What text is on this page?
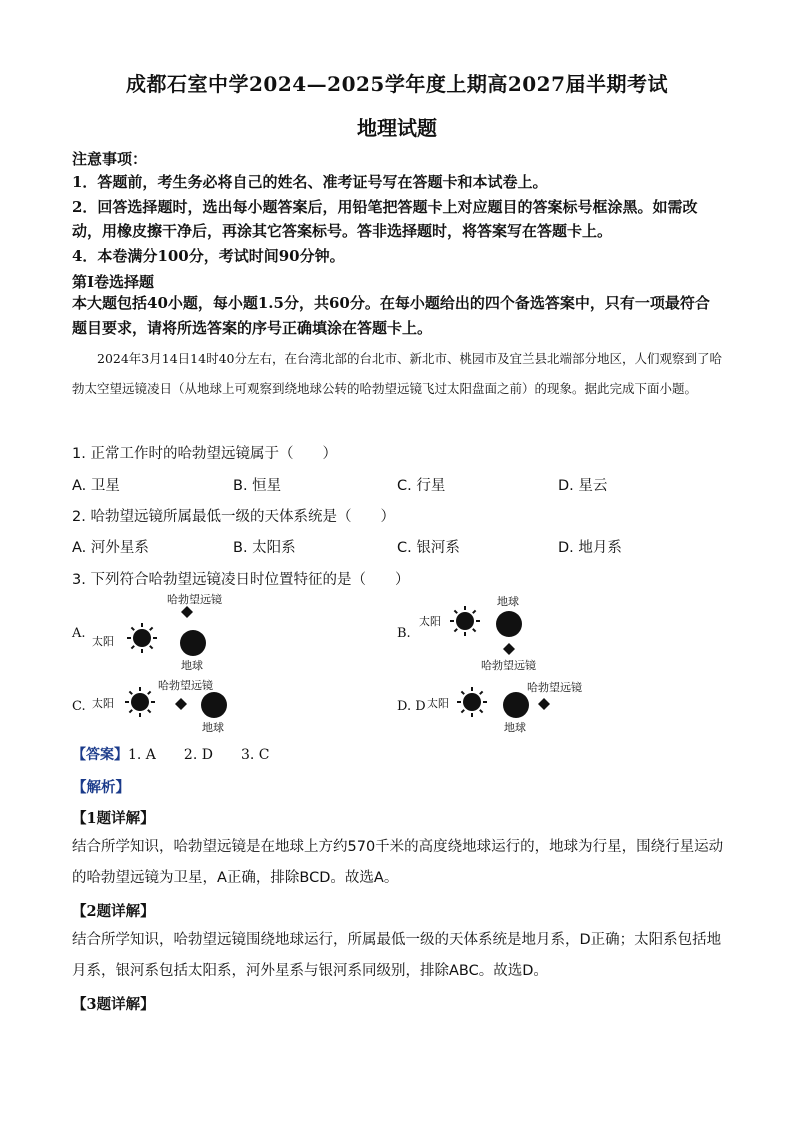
成都石室中学2024—2025学年度上期高2027届半期考试
地理试题
注意事项：
1．答题前，考生务必将自己的姓名、准考证号写在答题卡和本试卷上。
2．回答选择题时，选出每小题答案后，用铅笔把答题卡上对应题目的答案标号框涂黑。如需改动，用橡皮擦干净后，再涂其它答案标号。答非选择题时，将答案写在答题卡上。
4．本卷满分100分，考试时间90分钟。
第Ⅰ卷选择题
本大题包括40小题，每小题1.5分，共60分。在每小题给出的四个备选答案中，只有一项最符合题目要求，请将所选答案的序号正确填涂在答题卡上。
2024年3月14日14时40分左右，在台湾北部的台北市、新北市、桃园市及宜兰县北端部分地区，人们观察到了哈勃太空望远镜凌日（从地球上可观察到绕地球公转的哈勃望远镜飞过太阳盘面之前）的现象。据此完成下面小题。
1. 正常工作时的哈勃望远镜属于（　　）
A. 卫星	B. 恒星	C. 行星	D. 星云
2. 哈勃望远镜所属最低一级的天体系统是（　　）
A. 河外星系	B. 太阳系	C. 银河系	D. 地月系
3. 下列符合哈勃望远镜凌日时位置特征的是（　　）
A.
太阳
哈勃望远镜
地球
B.
太阳
地球
哈勃望远镜
C. 太阳
哈勃望远镜
地球
D. D 太阳
地球
哈勃望远镜
【答案】1. A　　2. D　　3. C
【解析】
【1题详解】
结合所学知识，哈勃望远镜是在地球上方约570千米的高度绕地球运行的，地球为行星，围绕行星运动的哈勃望远镜为卫星，A正确，排除BCD。故选A。
【2题详解】
结合所学知识，哈勃望远镜围绕地球运行，所属最低一级的天体系统是地月系，D正确；太阳系包括地月系，银河系包括太阳系，河外星系与银河系同级别，排除ABC。故选D。
【3题详解】
